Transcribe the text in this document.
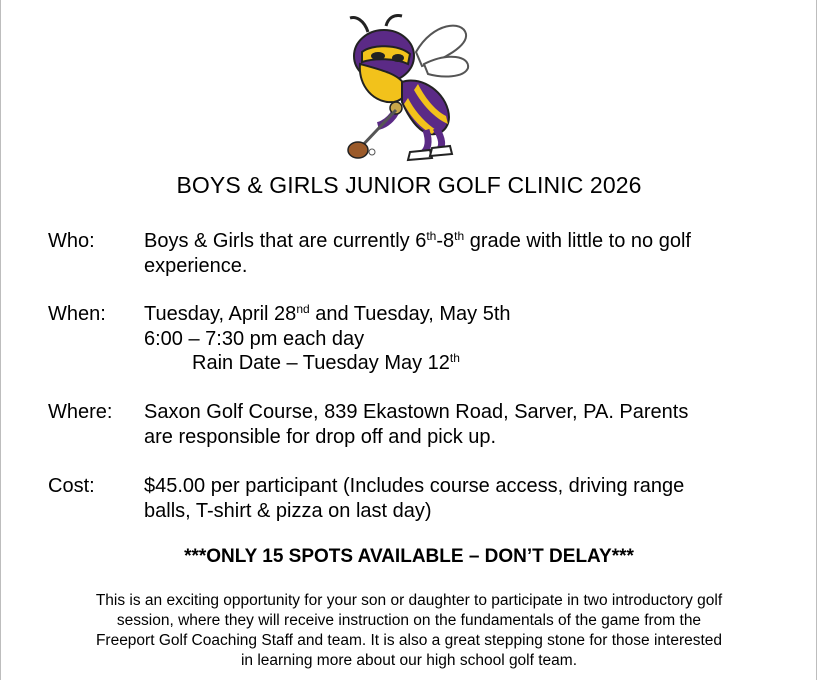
BOYS & GIRLS JUNIOR GOLF CLINIC 2026
Who: Boys & Girls that are currently 6th-8th grade with little to no golf
experience.
When: Tuesday, April 28nd and Tuesday, May 5th
6:00 – 7:30 pm each day
Rain Date – Tuesday May 12th
Where: Saxon Golf Course, 839 Ekastown Road, Sarver, PA. Parents
are responsible for drop off and pick up.
Cost: $45.00 per participant (Includes course access, driving range
balls, T-shirt & pizza on last day)
***ONLY 15 SPOTS AVAILABLE – DON’T DELAY***
This is an exciting opportunity for your son or daughter to participate in two introductory golf
session, where they will receive instruction on the fundamentals of the game from the
Freeport Golf Coaching Staff and team. It is also a great stepping stone for those interested
in learning more about our high school golf team.
